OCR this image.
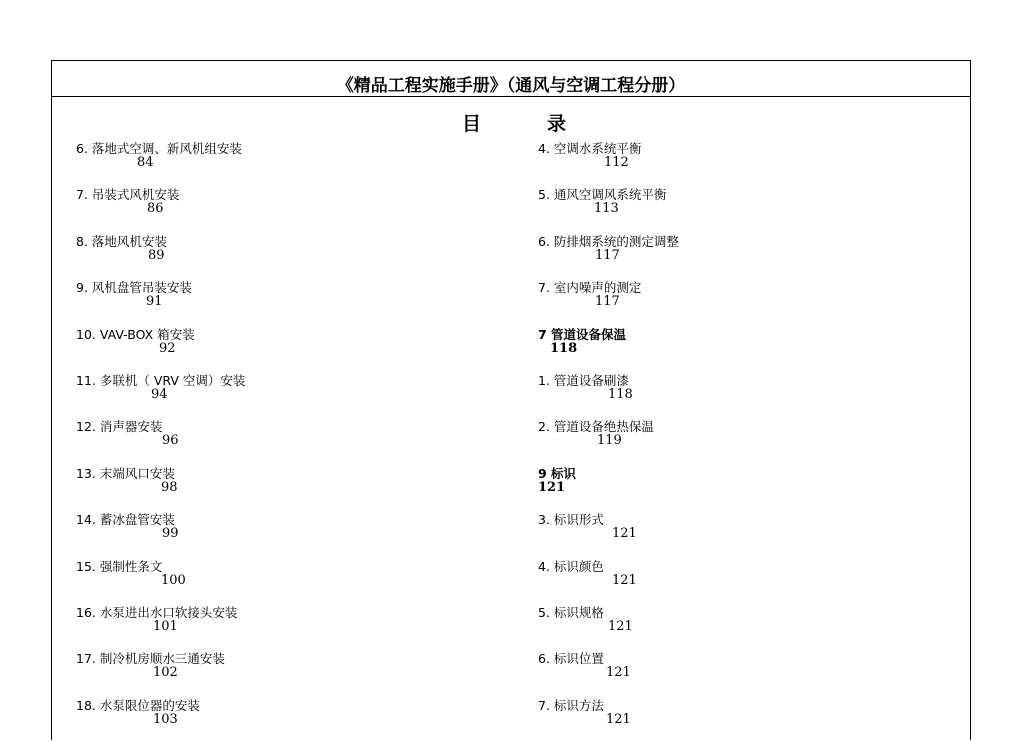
《精品工程实施手册》（通风与空调工程分册）
目	录
6. 落地式空调、新风机组安装
84
7. 吊装式风机安装
86
8. 落地风机安装
89
9. 风机盘管吊装安装
91
10. VAV-BOX 箱安装
92
11. 多联机（ VRV 空调）安装
94
12. 消声器安装
96
13. 末端风口安装
98
14. 蓄冰盘管安装
99
15. 强制性条文
100
16. 水泵进出水口软接头安装
101
17. 制冷机房顺水三通安装
102
18. 水泵限位器的安装
103
4. 空调水系统平衡
112
5. 通风空调风系统平衡
113
6. 防排烟系统的测定调整
117
7. 室内噪声的测定
117
7 管道设备保温
118
1. 管道设备刷漆
118
2. 管道设备绝热保温
119
9 标识
121
3. 标识形式
121
4. 标识颜色
121
5. 标识规格
121
6. 标识位置
121
7. 标识方法
121
